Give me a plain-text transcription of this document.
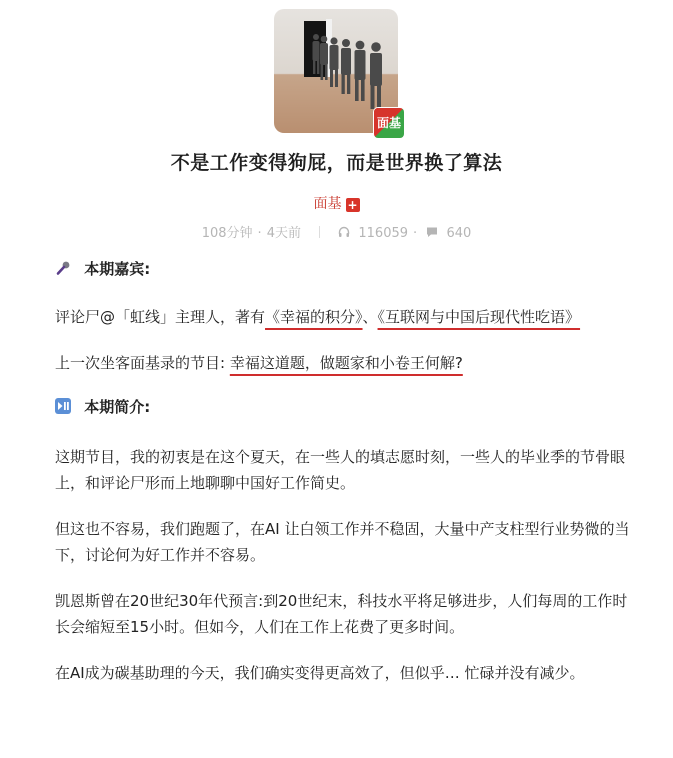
面基
不是工作变得狗屁，而是世界换了算法
面基 +
108分钟 · 4天前	116059 · 640
本期嘉宾:

评论尸@「虹线」主理人，著有《幸福的积分》、《互联网与中国后现代性吃语》

上一次坐客面基录的节目: 幸福这道题，做题家和小卷王何解?

本期简介:

这期节目，我的初衷是在这个夏天，在一些人的填志愿时刻，一些人的毕业季的节骨眼上，和评论尸形而上地聊聊中国好工作简史。

但这也不容易，我们跑题了，在AI 让白领工作并不稳固，大量中产支柱型行业势微的当下，讨论何为好工作并不容易。

凯恩斯曾在20世纪30年代预言:到20世纪末，科技水平将足够进步，人们每周的工作时长会缩短至15小时。但如今，人们在工作上花费了更多时间。

在AI成为碳基助理的今天，我们确实变得更高效了，但似乎… 忙碌并没有减少。
